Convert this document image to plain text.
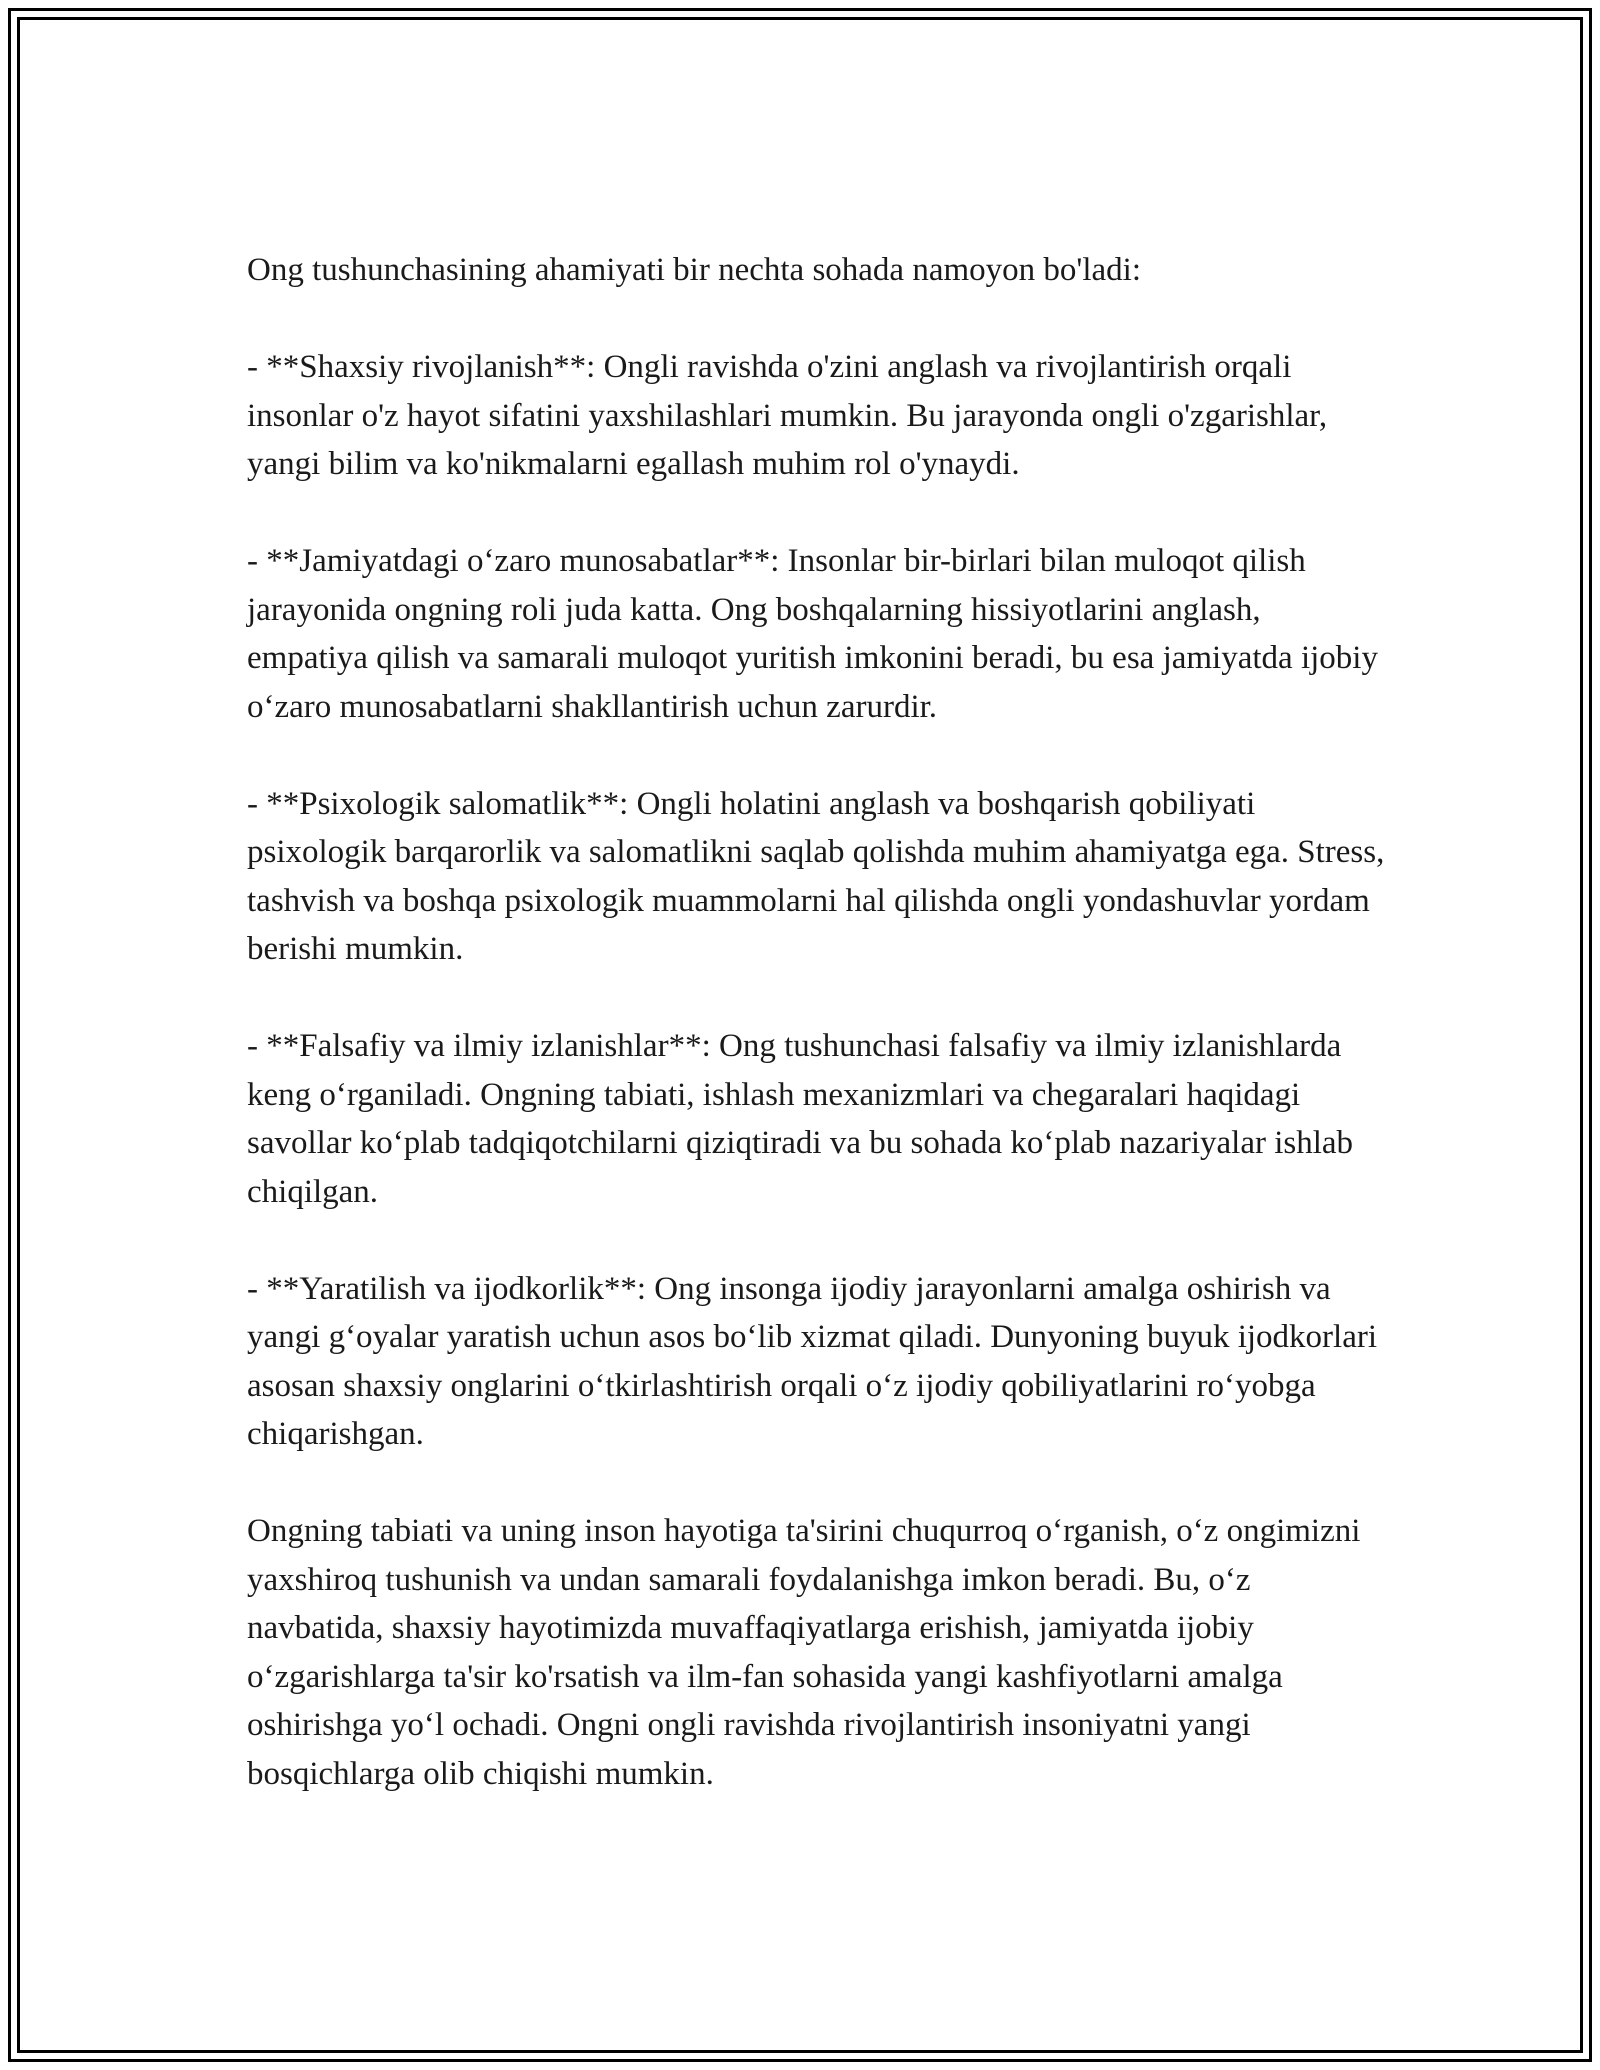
Ong tushunchasining ahamiyati bir nechta sohada namoyon bo'ladi:

- **Shaxsiy rivojlanish**: Ongli ravishda o'zini anglash va rivojlantirish orqali insonlar o'z hayot sifatini yaxshilashlari mumkin. Bu jarayonda ongli o'zgarishlar, yangi bilim va ko'nikmalarni egallash muhim rol o'ynaydi.

- **Jamiyatdagi o‘zaro munosabatlar**: Insonlar bir-birlari bilan muloqot qilish jarayonida ongning roli juda katta. Ong boshqalarning hissiyotlarini anglash, empatiya qilish va samarali muloqot yuritish imkonini beradi, bu esa jamiyatda ijobiy o‘zaro munosabatlarni shakllantirish uchun zarurdir.

- **Psixologik salomatlik**: Ongli holatini anglash va boshqarish qobiliyati psixologik barqarorlik va salomatlikni saqlab qolishda muhim ahamiyatga ega. Stress, tashvish va boshqa psixologik muammolarni hal qilishda ongli yondashuvlar yordam berishi mumkin.

- **Falsafiy va ilmiy izlanishlar**: Ong tushunchasi falsafiy va ilmiy izlanishlarda keng o‘rganiladi. Ongning tabiati, ishlash mexanizmlari va chegaralari haqidagi savollar ko‘plab tadqiqotchilarni qiziqtiradi va bu sohada ko‘plab nazariyalar ishlab chiqilgan.

- **Yaratilish va ijodkorlik**: Ong insonga ijodiy jarayonlarni amalga oshirish va yangi g‘oyalar yaratish uchun asos bo‘lib xizmat qiladi. Dunyoning buyuk ijodkorlari asosan shaxsiy onglarini o‘tkirlashtirish orqali o‘z ijodiy qobiliyatlarini ro‘yobga chiqarishgan.

Ongning tabiati va uning inson hayotiga ta'sirini chuqurroq o‘rganish, o‘z ongimizni yaxshiroq tushunish va undan samarali foydalanishga imkon beradi. Bu, o‘z navbatida, shaxsiy hayotimizda muvaffaqiyatlarga erishish, jamiyatda ijobiy o‘zgarishlarga ta'sir ko'rsatish va ilm-fan sohasida yangi kashfiyotlarni amalga oshirishga yo‘l ochadi. Ongni ongli ravishda rivojlantirish insoniyatni yangi bosqichlarga olib chiqishi mumkin.
